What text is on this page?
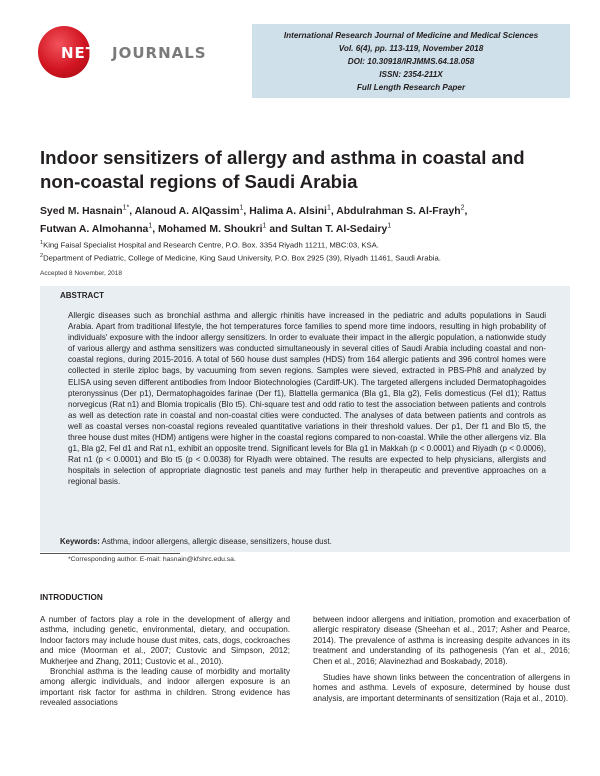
NET JOURNALS
International Research Journal of Medicine and Medical Sciences
Vol. 6(4), pp. 113-119, November 2018
DOI: 10.30918/IRJMMS.64.18.058
ISSN: 2354-211X
Full Length Research Paper
Indoor sensitizers of allergy and asthma in coastal and non-coastal regions of Saudi Arabia
Syed M. Hasnain$^{1*}$, Alanoud A. AlQassim$^1$, Halima A. Alsini$^1$, Abdulrahman S. Al-Frayh$^2$, Futwan A. Almohanna$^1$, Mohamed M. Shoukri$^1$ and Sultan T. Al-Sedairy$^1$
$^1$King Faisal Specialist Hospital and Research Centre, P.O. Box. 3354 Riyadh 11211, MBC:03, KSA.
$^2$Department of Pediatric, College of Medicine, King Saud University, P.O. Box 2925 (39), Riyadh 11461, Saudi Arabia.
Accepted 8 November, 2018
ABSTRACT

Allergic diseases such as bronchial asthma and allergic rhinitis have increased in the pediatric and adults populations in Saudi Arabia. Apart from traditional lifestyle, the hot temperatures force families to spend more time indoors, resulting in high probability of individuals' exposure with the indoor allergy sensitizers. In order to evaluate their impact in the allergic population, a nationwide study of various allergy and asthma sensitizers was conducted simultaneously in several cities of Saudi Arabia including coastal and non-coastal regions, during 2015-2016. A total of 560 house dust samples (HDS) from 164 allergic patients and 396 control homes were collected in sterile ziploc bags, by vacuuming from seven regions. Samples were sieved, extracted in PBS-Ph8 and analyzed by ELISA using seven different antibodies from Indoor Biotechnologies (Cardiff-UK). The targeted allergens included Dermatophagoides pteronyssinus (Der p1), Dermatophagoides farinae (Der f1), Blattella germanica (Bla g1, Bla g2), Felis domesticus (Fel d1); Rattus norvegicus (Rat n1) and Blomia tropicalis (Blo t5). Chi-square test and odd ratio to test the association between patients and controls as well as detection rate in coastal and non-coastal cities were conducted. The analyses of data between patients and controls as well as coastal verses non-coastal regions revealed quantitative variations in their threshold values. Der p1, Der f1 and Blo t5, the three house dust mites (HDM) antigens were higher in the coastal regions compared to non-coastal. While the other allergens viz. Bla g1, Bla g2, Fel d1 and Rat n1, exhibit an opposite trend. Significant levels for Bla g1 in Makkah (p < 0.0001) and Riyadh (p < 0.0006), Rat n1 (p < 0.0001) and Blo t5 (p < 0.0038) for Riyadh were obtained. The results are expected to help physicians, allergists and hospitals in selection of appropriate diagnostic test panels and may further help in therapeutic and preventive approaches on a regional basis.

Keywords: Asthma, indoor allergens, allergic disease, sensitizers, house dust.
*Corresponding author. E-mail: hasnain@kfshrc.edu.sa.
INTRODUCTION

A number of factors play a role in the development of allergy and asthma, including genetic, environmental, dietary, and occupation. Indoor factors may include house dust mites, cats, dogs, cockroaches and mice (Moorman et al., 2007; Custovic and Simpson, 2012; Mukherjee and Zhang, 2011; Custovic et al., 2010).

Bronchial asthma is the leading cause of morbidity and mortality among allergic individuals, and indoor allergen exposure is an important risk factor for asthma in children. Strong evidence has revealed associations

between indoor allergens and initiation, promotion and exacerbation of allergic respiratory disease (Sheehan et al., 2017; Asher and Pearce, 2014). The prevalence of asthma is increasing despite advances in its treatment and understanding of its pathogenesis (Yan et al., 2016; Chen et al., 2016; Alavinezhad and Boskabady, 2018).

Studies have shown links between the concentration of allergens in homes and asthma. Levels of exposure, determined by house dust analysis, are important determinants of sensitization (Raja et al., 2010).
